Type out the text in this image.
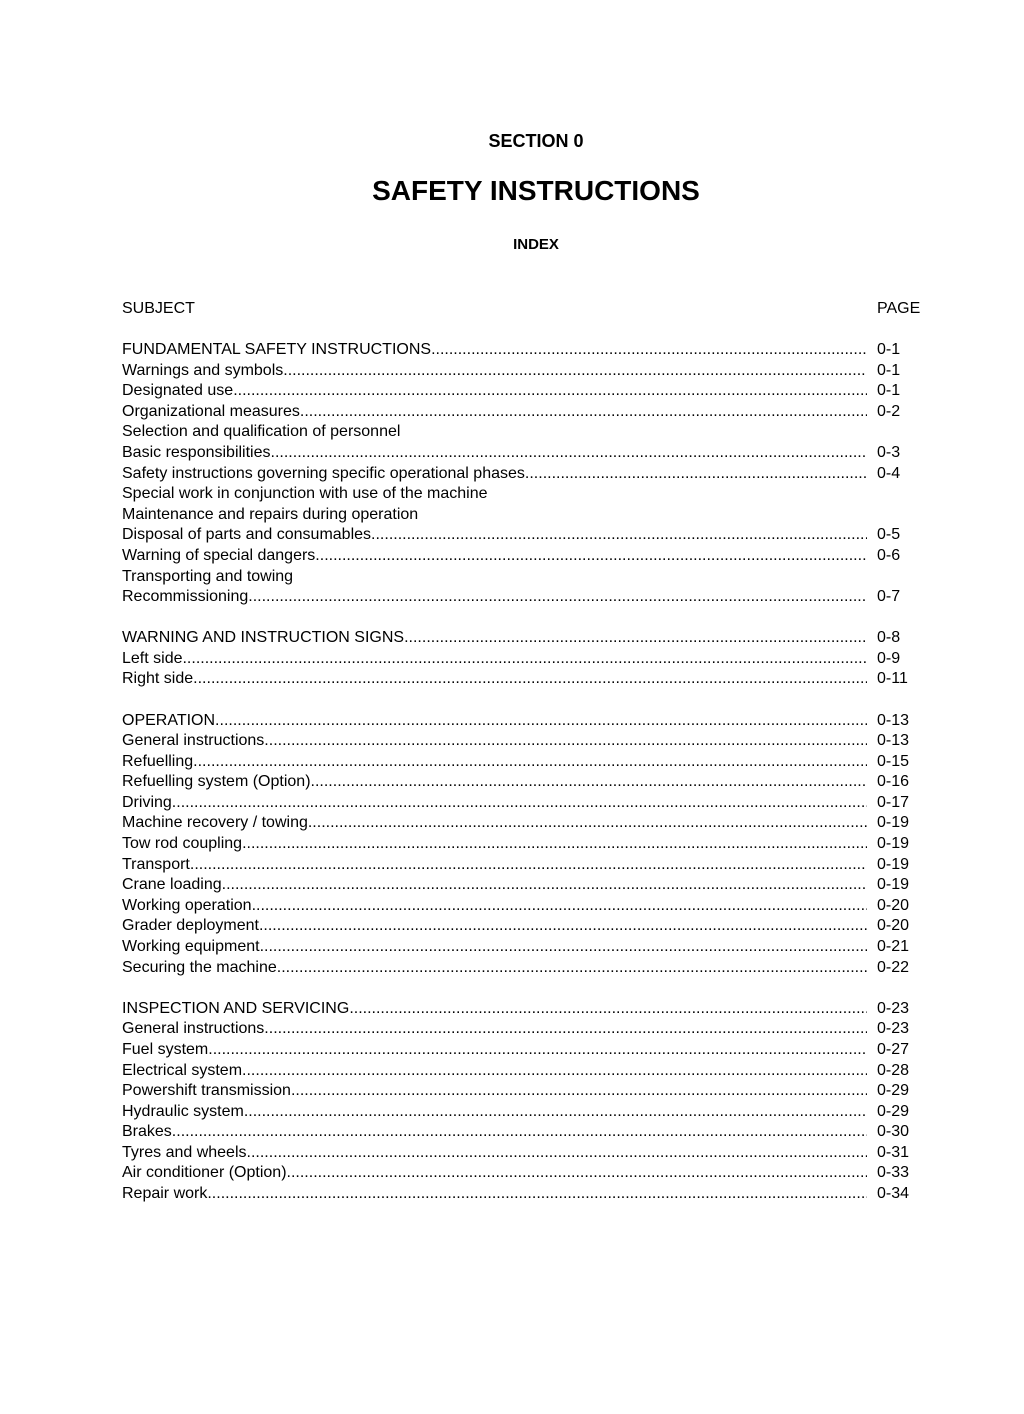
SECTION 0
SAFETY INSTRUCTIONS
INDEX
SUBJECT	PAGE
FUNDAMENTAL SAFETY INSTRUCTIONS .....	0-1
Warnings and symbols .....	0-1
Designated use .....	0-1
Organizational measures .....	0-2
Selection and qualification of personnel
Basic responsibilities .....	0-3
Safety instructions governing specific operational phases .....	0-4
Special work in conjunction with use of the machine
Maintenance and repairs during operation
Disposal of parts and consumables .....	0-5
Warning of special dangers .....	0-6
Transporting and towing
Recommissioning .....	0-7
WARNING AND INSTRUCTION SIGNS .....	0-8
Left side .....	0-9
Right side .....	0-11
OPERATION .....	0-13
General instructions .....	0-13
Refuelling .....	0-15
Refuelling system (Option) .....	0-16
Driving .....	0-17
Machine recovery / towing .....	0-19
Tow rod coupling .....	0-19
Transport .....	0-19
Crane loading .....	0-19
Working operation .....	0-20
Grader deployment .....	0-20
Working equipment .....	0-21
Securing the machine .....	0-22
INSPECTION AND SERVICING .....	0-23
General instructions .....	0-23
Fuel system .....	0-27
Electrical system .....	0-28
Powershift transmission .....	0-29
Hydraulic system .....	0-29
Brakes .....	0-30
Tyres and wheels .....	0-31
Air conditioner (Option) .....	0-33
Repair work .....	0-34
